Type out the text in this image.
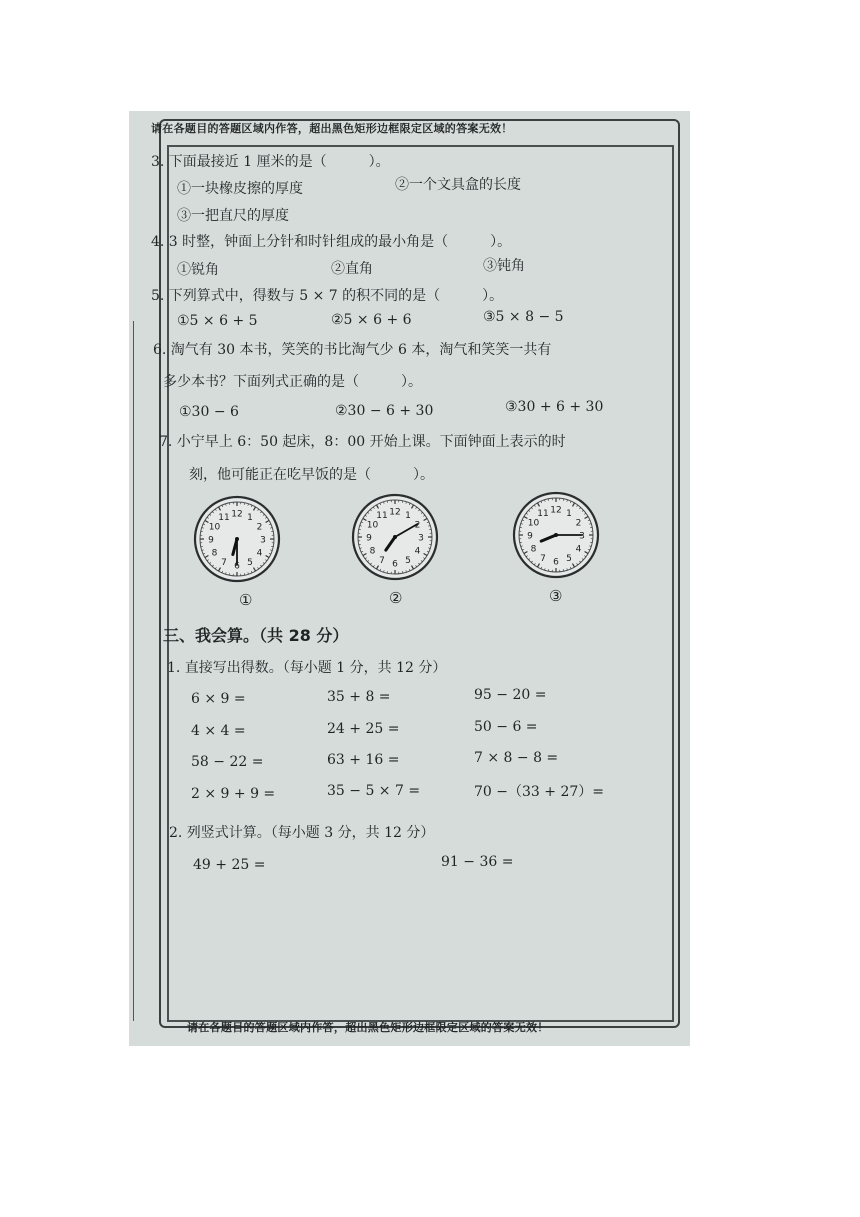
请在各题目的答题区域内作答，超出黑色矩形边框限定区域的答案无效！
3. 下面最接近 1 厘米的是（　　　）。
①一块橡皮擦的厚度	②一个文具盒的长度
③一把直尺的厚度
4. 3 时整，钟面上分针和时针组成的最小角是（　　　）。
①锐角	②直角	③钝角
5. 下列算式中，得数与 5 × 7 的积不同的是（　　　）。
①5 × 6 + 5	②5 × 6 + 6	③5 × 8 − 5
6. 淘气有 30 本书，笑笑的书比淘气少 6 本，淘气和笑笑一共有
多少本书？下面列式正确的是（　　　）。
①30 − 6	②30 − 6 + 30	③30 + 6 + 30
7. 小宁早上 6：50 起床，8：00 开始上课。下面钟面上表示的时
刻，他可能正在吃早饭的是（　　　）。
12 1
2
3
4
5
6
7
8
9
10
11
12 1
2
3
4
5
6
7
8
9
10
11
12 1
2
3
4
5
6
7
8
9
10
11
①	②	③
三、我会算。（共 28 分）
1. 直接写出得数。（每小题 1 分，共 12 分）
6 × 9 =	35 + 8 =	95 − 20 =
4 × 4 =	24 + 25 =	50 − 6 =
58 − 22 =	63 + 16 =	7 × 8 − 8 =
2 × 9 + 9 =	35 − 5 × 7 =	70 −（33 + 27）=
2. 列竖式计算。（每小题 3 分，共 12 分）
49 + 25 =	91 − 36 =
请在各题目的答题区域内作答，超出黑色矩形边框限定区域的答案无效！
